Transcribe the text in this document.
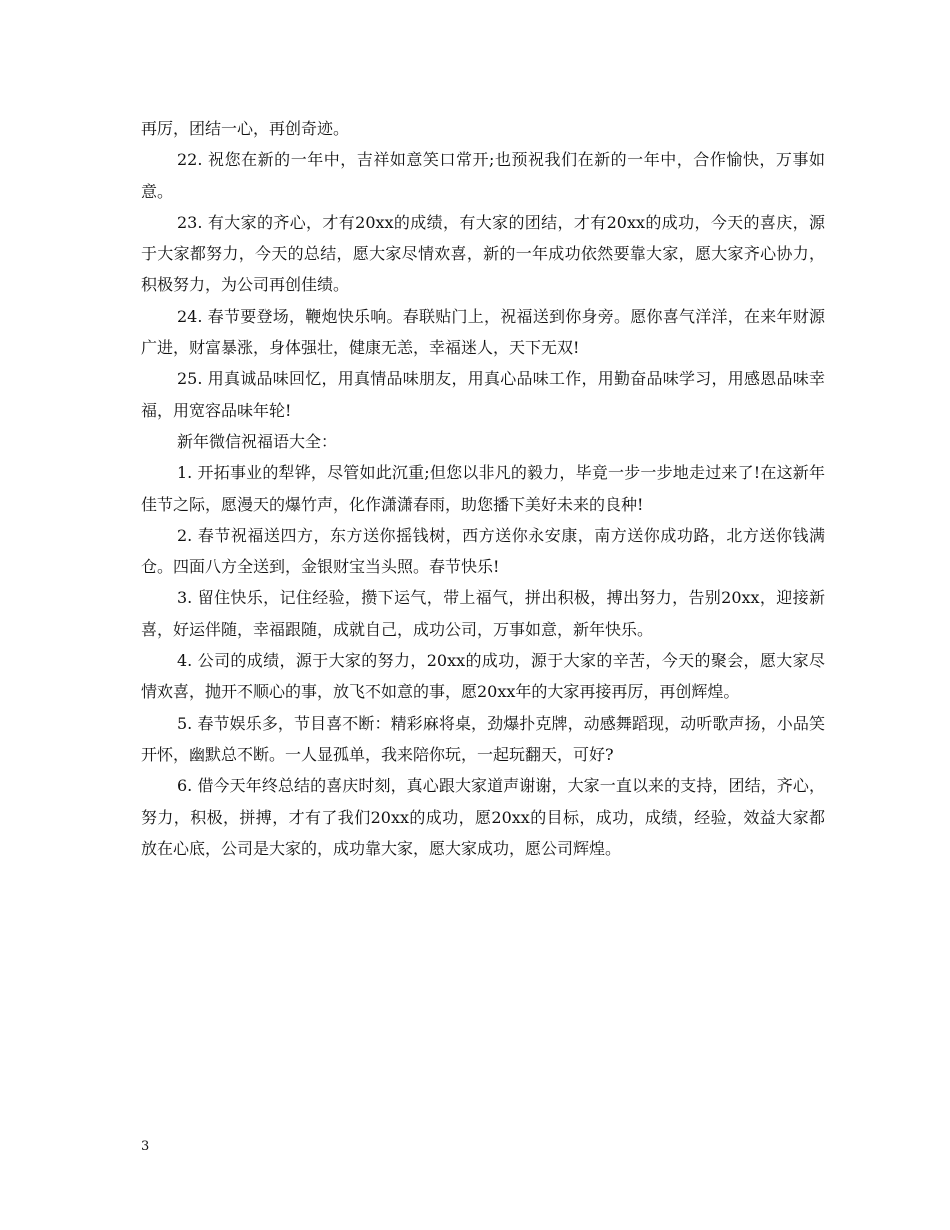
再厉，团结一心，再创奇迹。

22. 祝您在新的一年中，吉祥如意笑口常开;也预祝我们在新的一年中，合作愉快，万事如意。

23. 有大家的齐心，才有20xx的成绩，有大家的团结，才有20xx的成功，今天的喜庆，源于大家都努力，今天的总结，愿大家尽情欢喜，新的一年成功依然要靠大家，愿大家齐心协力，积极努力，为公司再创佳绩。

24. 春节要登场，鞭炮快乐响。春联贴门上，祝福送到你身旁。愿你喜气洋洋，在来年财源广进，财富暴涨，身体强壮，健康无恙，幸福迷人，天下无双!

25. 用真诚品味回忆，用真情品味朋友，用真心品味工作，用勤奋品味学习，用感恩品味幸福，用宽容品味年轮!

新年微信祝福语大全：

1. 开拓事业的犁铧，尽管如此沉重;但您以非凡的毅力，毕竟一步一步地走过来了!在这新年佳节之际，愿漫天的爆竹声，化作潇潇春雨，助您播下美好未来的良种!

2. 春节祝福送四方，东方送你摇钱树，西方送你永安康，南方送你成功路，北方送你钱满仓。四面八方全送到，金银财宝当头照。春节快乐!

3. 留住快乐，记住经验，攒下运气，带上福气，拼出积极，搏出努力，告别20xx，迎接新喜，好运伴随，幸福跟随，成就自己，成功公司，万事如意，新年快乐。

4. 公司的成绩，源于大家的努力，20xx的成功，源于大家的辛苦，今天的聚会，愿大家尽情欢喜，抛开不顺心的事，放飞不如意的事，愿20xx年的大家再接再厉，再创辉煌。

5. 春节娱乐多，节目喜不断：精彩麻将桌，劲爆扑克牌，动感舞蹈现，动听歌声扬，小品笑开怀，幽默总不断。一人显孤单，我来陪你玩，一起玩翻天，可好?

6. 借今天年终总结的喜庆时刻，真心跟大家道声谢谢，大家一直以来的支持，团结，齐心，努力，积极，拼搏，才有了我们20xx的成功，愿20xx的目标，成功，成绩，经验，效益大家都放在心底，公司是大家的，成功靠大家，愿大家成功，愿公司辉煌。

3
